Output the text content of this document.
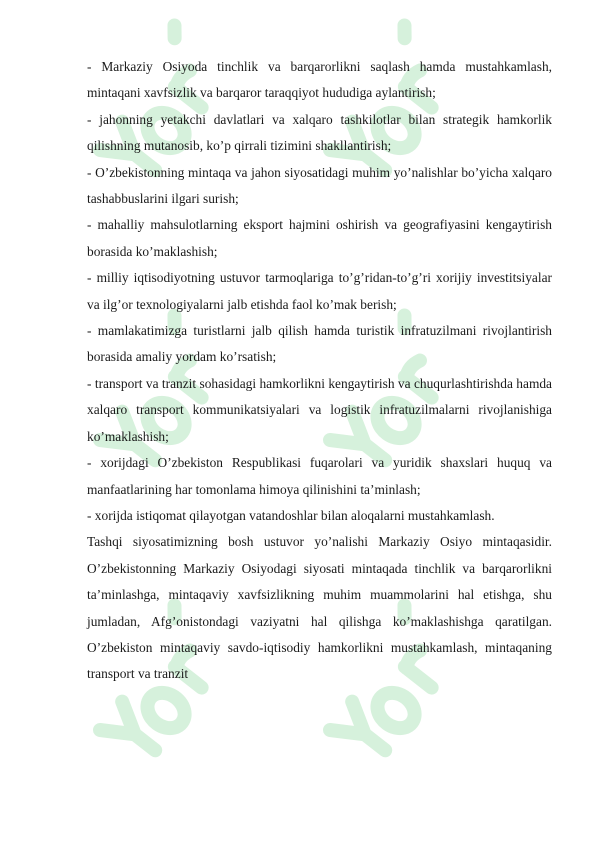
- Markaziy Osiyoda tinchlik va barqarorlikni saqlash hamda mustahkamlash, mintaqani xavfsizlik va barqaror taraqqiyot hududiga aylantirish;

- jahonning yetakchi davlatlari va xalqaro tashkilotlar bilan strategik hamkorlik qilishning mutanosib, ko’p qirrali tizimini shakllantirish;

- O’zbekistonning mintaqa va jahon siyosatidagi muhim yo’nalishlar bo’yicha xalqaro tashabbuslarini ilgari surish;

- mahalliy mahsulotlarning eksport hajmini oshirish va geografiyasini kengaytirish borasida ko’maklashish;

- milliy iqtisodiyotning ustuvor tarmoqlariga to’g’ridan-to’g’ri xorijiy investitsiyalar va ilg’or texnologiyalarni jalb etishda faol ko’mak berish;

- mamlakatimizga turistlarni jalb qilish hamda turistik infratuzilmani rivojlantirish borasida amaliy yordam ko’rsatish;

- transport va tranzit sohasidagi hamkorlikni kengaytirish va chuqurlashtirishda hamda xalqaro transport kommunikatsiyalari va logistik infratuzilmalarni rivojlanishiga ko’maklashish;

- xorijdagi O’zbekiston Respublikasi fuqarolari va yuridik shaxslari huquq va manfaatlarining har tomonlama himoya qilinishini ta’minlash;

- xorijda istiqomat qilayotgan vatandoshlar bilan aloqalarni mustahkamlash.

Tashqi siyosatimizning bosh ustuvor yo’nalishi Markaziy Osiyo mintaqasidir. O’zbekistonning Markaziy Osiyodagi siyosati mintaqada tinchlik va barqarorlikni ta’minlashga, mintaqaviy xavfsizlikning muhim muammolarini hal etishga, shu jumladan, Afg’onistondagi vaziyatni hal qilishga ko’maklashishga qaratilgan. O’zbekiston mintaqaviy savdo-iqtisodiy hamkorlikni mustahkamlash, mintaqaning transport va tranzit
